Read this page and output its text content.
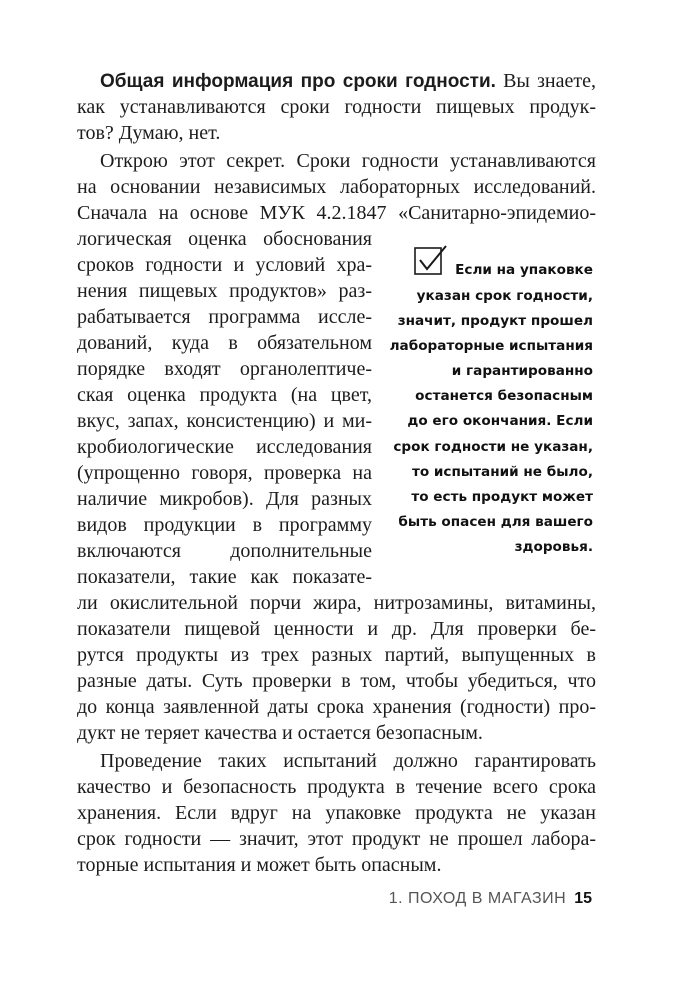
Общая информация про сроки годности. Вы знаете,
как устанавливаются сроки годности пищевых продук-
тов? Думаю, нет.
Открою этот секрет. Сроки годности устанавливаются
на основании независимых лабораторных исследований.
Сначала на основе МУК 4.2.1847 «Санитарно-эпидемио-
логическая оценка обоснования
сроков годности и условий хра-
нения пищевых продуктов» раз-
рабатывается программа иссле-
дований, куда в обязательном
порядке входят органолептиче-
ская оценка продукта (на цвет,
вкус, запах, консистенцию) и ми-
кробиологические исследования
(упрощенно говоря, проверка на
наличие микробов). Для разных
видов продукции в программу
включаются дополнительные
показатели, такие как показате-
ли окислительной порчи жира, нитрозамины, витамины,
показатели пищевой ценности и др. Для проверки бе-
рутся продукты из трех разных партий, выпущенных в
разные даты. Суть проверки в том, чтобы убедиться, что
до конца заявленной даты срока хранения (годности) про-
дукт не теряет качества и остается безопасным.
Проведение таких испытаний должно гарантировать
качество и безопасность продукта в течение всего срока
хранения. Если вдруг на упаковке продукта не указан
срок годности — значит, этот продукт не прошел лабора-
торные испытания и может быть опасным.
Если на упаковке
указан срок годности,
значит, продукт прошел
лабораторные испытания
и гарантированно
останется безопасным
до его окончания. Если
срок годности не указан,
то испытаний не было,
то есть продукт может
быть опасен для вашего
здоровья.
1. ПОХОД В МАГАЗИН 15
